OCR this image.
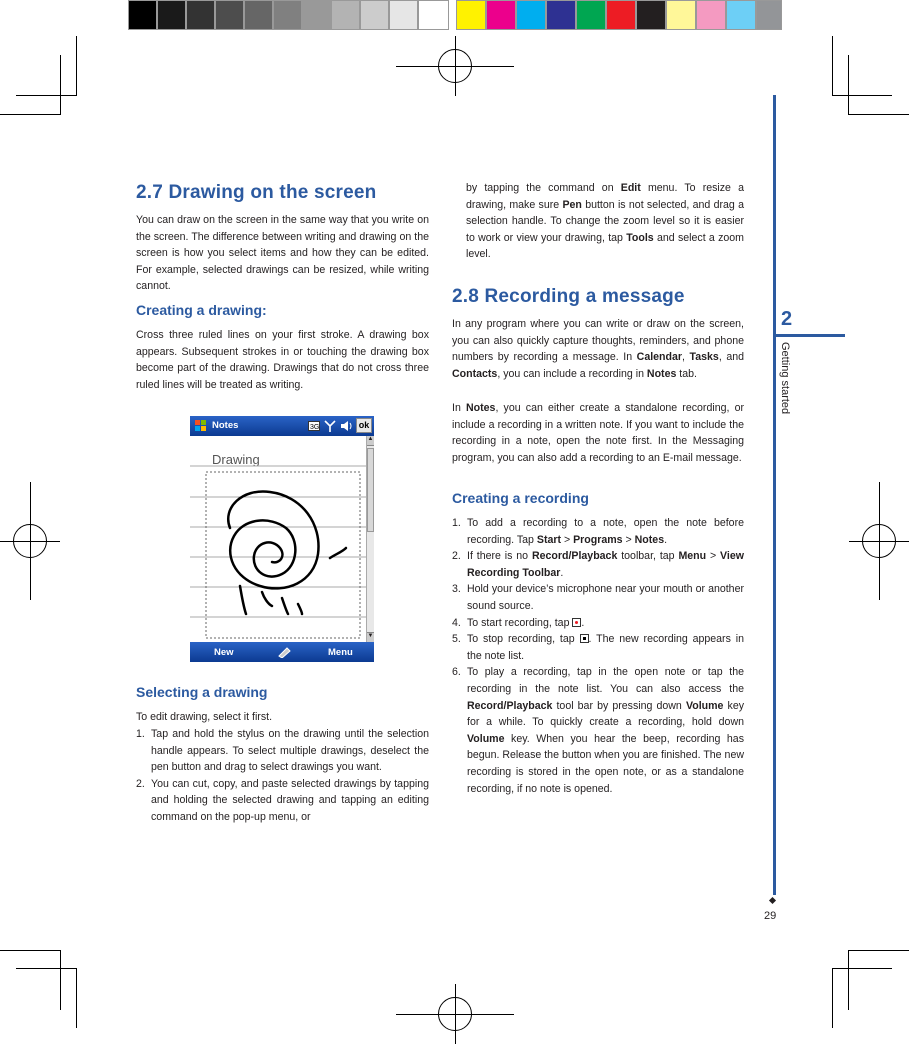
2
Getting started
29
2.7 Drawing on the screen

You can draw on the screen in the same way that you write on the screen. The difference between writing and drawing on the screen is how you select items and how they can be edited. For example, selected drawings can be resized, while writing cannot.

Creating a drawing:

Cross three ruled lines on your first stroke. A drawing box appears. Subsequent strokes in or touching the drawing box become part of the drawing. Drawings that do not cross three ruled lines will be treated as writing.

Notes	3G	ok
Drawing
▲
▼
New	Menu
Selecting a drawing

To edit drawing, select it first.

1. Tap and hold the stylus on the drawing until the selection handle appears. To select multiple drawings, deselect the pen button and drag to select drawings you want.
2. You can cut, copy, and paste selected drawings by tapping and holding the selected drawing and tapping an editing command on the pop-up menu, or

by tapping the command on Edit menu. To resize a drawing, make sure Pen button is not selected, and drag a selection handle. To change the zoom level so it is easier to work or view your drawing, tap Tools and select a zoom level.

2.8 Recording a message

In any program where you can write or draw on the screen, you can also quickly capture thoughts, reminders, and phone numbers by recording a message. In Calendar, Tasks, and Contacts, you can include a recording in Notes tab.

In Notes, you can either create a standalone recording, or include a recording in a written note. If you want to include the recording in a note, open the note first. In the Messaging program, you can also add a recording to an E-mail message.

Creating a recording
1. To add a recording to a note, open the note before recording. Tap Start > Programs > Notes.
2. If there is no Record/Playback toolbar, tap Menu > View Recording Toolbar.
3. Hold your device’s microphone near your mouth or another sound source.
4. To start recording, tap
.
5. To stop recording, tap
. The new recording appears in the note list.
6. To play a recording, tap in the open note or tap the recording in the note list. You can also access the Record/Playback tool bar by pressing down Volume key for a while. To quickly create a recording, hold down Volume key. When you hear the beep, recording has begun. Release the button when you are finished. The new recording is stored in the open note, or as a standalone recording, if no note is opened.
